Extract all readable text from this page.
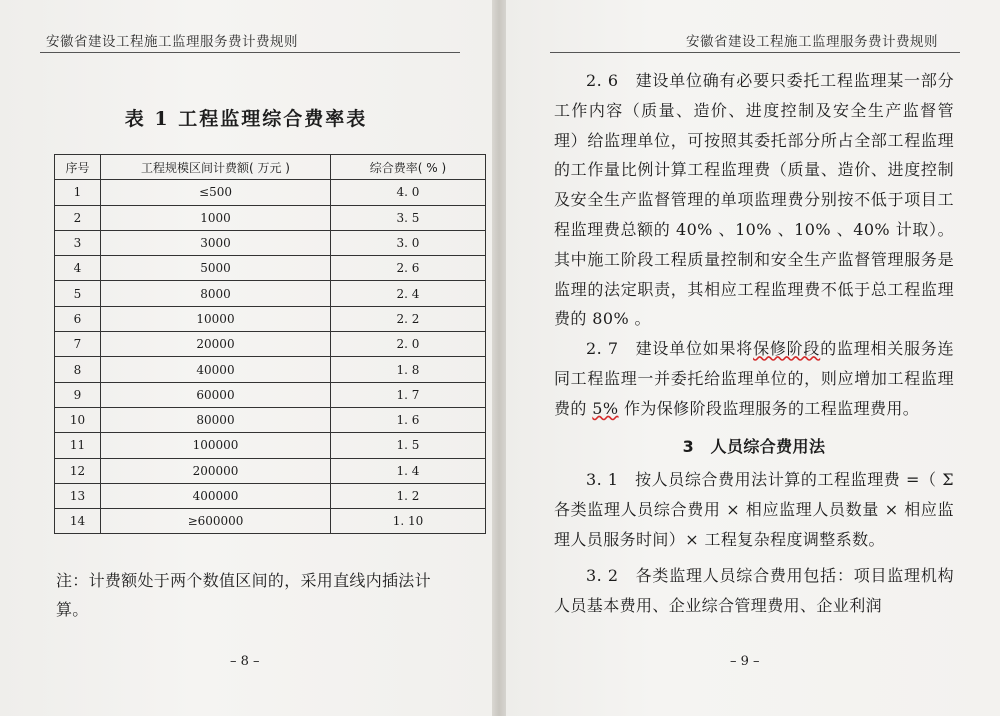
安徽省建设工程施工监理服务费计费规则
表 1 工程监理综合费率表
序号	工程规模区间计费额( 万元 )	综合费率( % )
1	≤500	4. 0
2	1000	3. 5
3	3000	3. 0
4	5000	2. 6
5	8000	2. 4
6	10000	2. 2
7	20000	2. 0
8	40000	1. 8
9	60000	1. 7
10	80000	1. 6
11	100000	1. 5
12	200000	1. 4
13	400000	1. 2
14	≥600000	1. 10
注：计费额处于两个数值区间的，采用直线内插法计算。
– 8 –
安徽省建设工程施工监理服务费计费规则

2. 6　建设单位确有必要只委托工程监理某一部分工作内容（质量、造价、进度控制及安全生产监督管理）给监理单位，可按照其委托部分所占全部工程监理的工作量比例计算工程监理费（质量、造价、进度控制及安全生产监督管理的单项监理费分别按不低于项目工程监理费总额的 40% 、10% 、10% 、40% 计取）。其中施工阶段工程质量控制和安全生产监督管理服务是监理的法定职责，其相应工程监理费不低于总工程监理费的 80% 。

2. 7　建设单位如果将保修阶段的监理相关服务连同工程监理一并委托给监理单位的，则应增加工程监理费的 5% 作为保修阶段监理服务的工程监理费用。

3　人员综合费用法

3. 1　按人员综合费用法计算的工程监理费 =（ Σ各类监理人员综合费用 × 相应监理人员数量 × 相应监理人员服务时间）× 工程复杂程度调整系数。

3. 2　各类监理人员综合费用包括：项目监理机构人员基本费用、企业综合管理费用、企业利润

– 9 –
